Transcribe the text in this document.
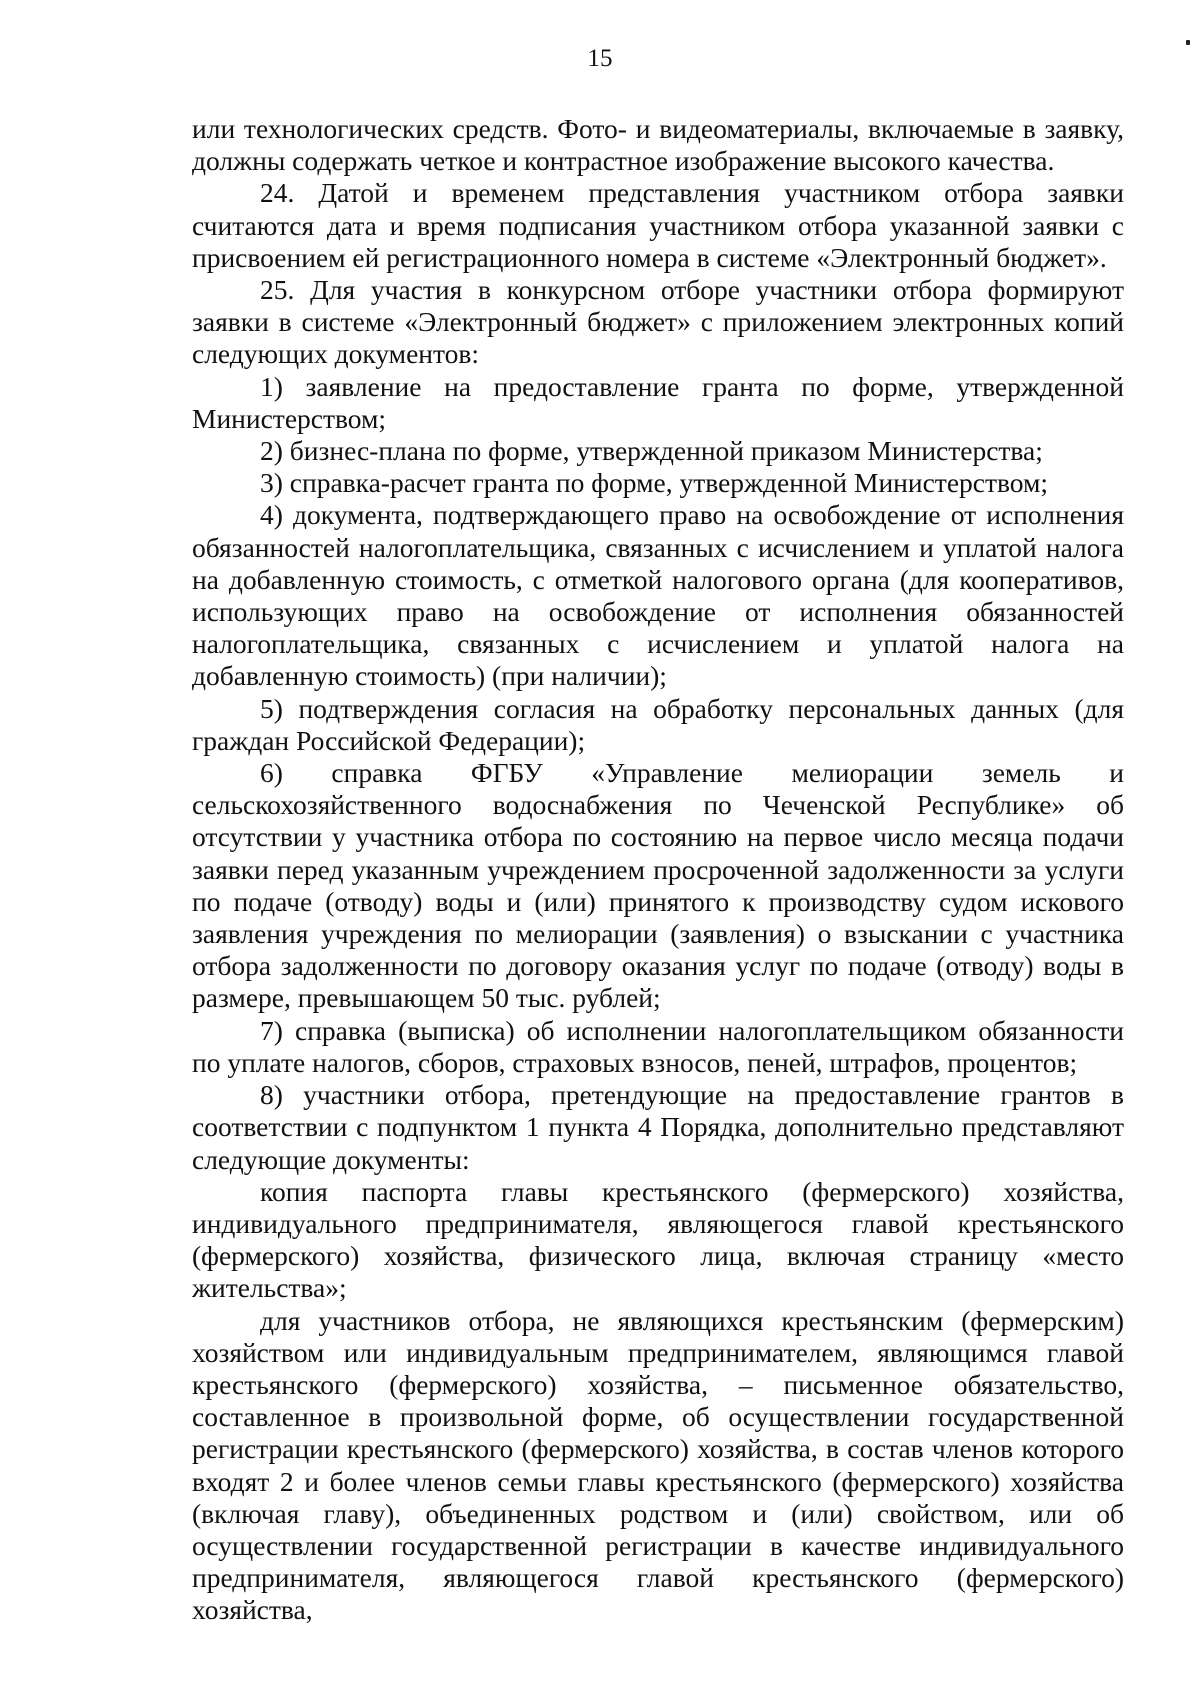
15

или технологических средств. Фото- и видеоматериалы, включаемые в заявку, должны содержать четкое и контрастное изображение высокого качества.

24. Датой и временем представления участником отбора заявки считаются дата и время подписания участником отбора указанной заявки с присвоением ей регистрационного номера в системе «Электронный бюджет».

25. Для участия в конкурсном отборе участники отбора формируют заявки в системе «Электронный бюджет» с приложением электронных копий следующих документов:

1) заявление на предоставление гранта по форме, утвержденной Министерством;

2) бизнес-плана по форме, утвержденной приказом Министерства;

3) справка-расчет гранта по форме, утвержденной Министерством;

4) документа, подтверждающего право на освобождение от исполнения обязанностей налогоплательщика, связанных с исчислением и уплатой налога на добавленную стоимость, с отметкой налогового органа (для кооперативов, использующих право на освобождение от исполнения обязанностей налогоплательщика, связанных с исчислением и уплатой налога на добавленную стоимость) (при наличии);

5) подтверждения согласия на обработку персональных данных (для граждан Российской Федерации);

6) справка ФГБУ «Управление мелиорации земель и сельскохозяйственного водоснабжения по Чеченской Республике» об отсутствии у участника отбора по состоянию на первое число месяца подачи заявки перед указанным учреждением просроченной задолженности за услуги по подаче (отводу) воды и (или) принятого к производству судом искового заявления учреждения по мелиорации (заявления) о взыскании с участника отбора задолженности по договору оказания услуг по подаче (отводу) воды в размере, превышающем 50 тыс. рублей;

7) справка (выписка) об исполнении налогоплательщиком обязанности по уплате налогов, сборов, страховых взносов, пеней, штрафов, процентов;

8) участники отбора, претендующие на предоставление грантов в соответствии с подпунктом 1 пункта 4 Порядка, дополнительно представляют следующие документы:

копия паспорта главы крестьянского (фермерского) хозяйства, индивидуального предпринимателя, являющегося главой крестьянского (фермерского) хозяйства, физического лица, включая страницу «место жительства»;

для участников отбора, не являющихся крестьянским (фермерским) хозяйством или индивидуальным предпринимателем, являющимся главой крестьянского (фермерского) хозяйства, – письменное обязательство, составленное в произвольной форме, об осуществлении государственной регистрации крестьянского (фермерского) хозяйства, в состав членов которого входят 2 и более членов семьи главы крестьянского (фермерского) хозяйства (включая главу), объединенных родством и (или) свойством, или об осуществлении государственной регистрации в качестве индивидуального предпринимателя, являющегося главой крестьянского (фермерского) хозяйства,
